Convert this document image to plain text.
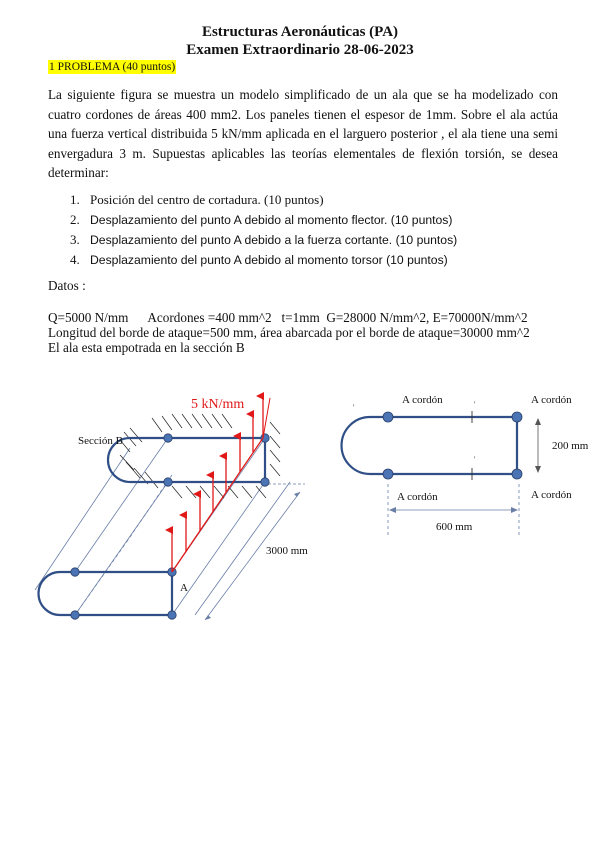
Estructuras Aeronáuticas (PA)
Examen Extraordinario 28-06-2023
1 PROBLEMA (40 puntos)
La siguiente figura se muestra un modelo simplificado de un ala que se ha modelizado con cuatro cordones de áreas 400 mm2. Los paneles tienen el espesor de 1mm. Sobre el ala actúa una fuerza vertical distribuida 5 kN/mm aplicada en el larguero posterior , el ala tiene una semi envergadura 3 m. Supuestas aplicables las teorías elementales de flexión torsión, se desea determinar:
1. Posición del centro de cortadura. (10 puntos)
2. Desplazamiento del punto A debido al momento flector. (10 puntos)
3. Desplazamiento del punto A debido a la fuerza cortante. (10 puntos)
4. Desplazamiento del punto A debido al momento torsor (10 puntos)
Datos :
Q=5000 N/mm      Acordones =400 mm^2   t=1mm  G=28000 N/mm^2, E=70000N/mm^2
Longitud del borde de ataque=500 mm, área abarcada por el borde de ataque=30000 mm^2
El ala esta empotrada en la sección B
5 kN/mm
Sección B
A
3000 mm
'	'
'
A cordón	A cordón
A cordón	A cordón
200 mm
600 mm
